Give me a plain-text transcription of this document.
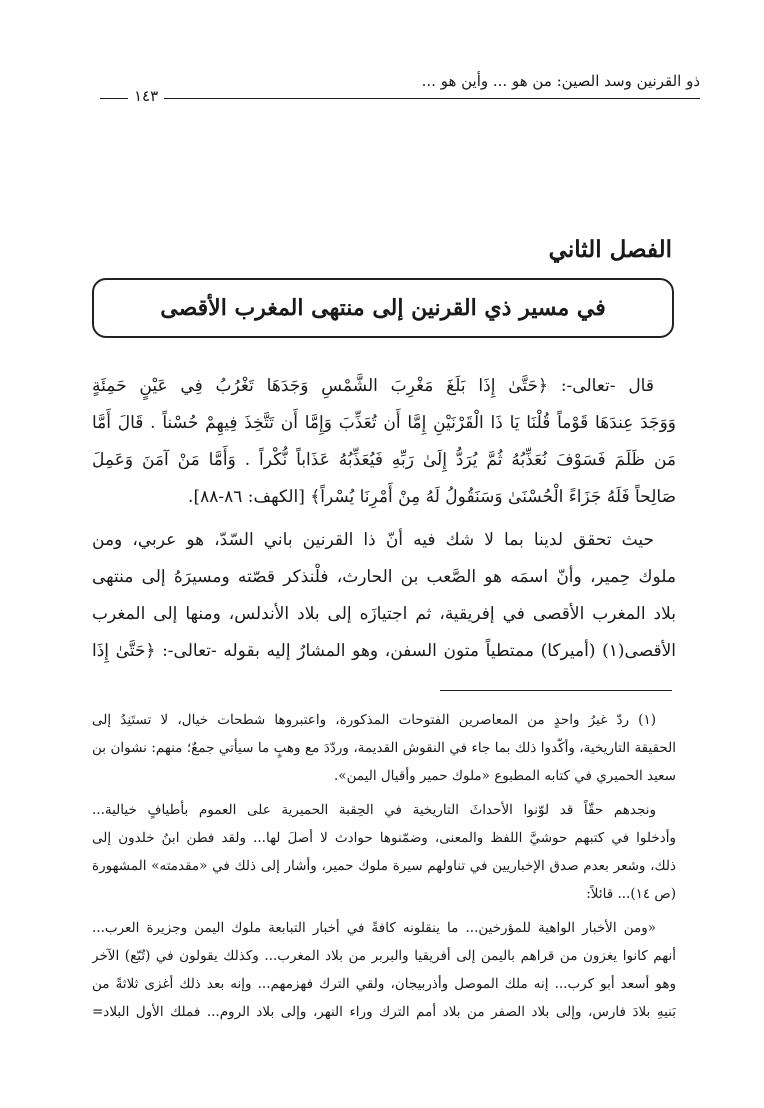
ذو القرنين وسد الصين: من هو ... وأين هو ...
١٤٣
الفصل الثاني
في مسير ذي القرنين إلى منتهى المغرب الأقصى

قال -تعالى-: ﴿حَتَّىٰ إِذَا بَلَغَ مَغْرِبَ الشَّمْسِ وَجَدَهَا تَغْرُبُ فِي عَيْنٍ حَمِئَةٍ
وَوَجَدَ عِندَهَا قَوْماً قُلْنَا يَا ذَا الْقَرْنَيْنِ إِمَّا أَن تُعَذِّبَ وَإِمَّا أَن تَتَّخِذَ فِيهِمْ حُسْناً . قَالَ أَمَّا
مَن ظَلَمَ فَسَوْفَ نُعَذِّبُهُ ثُمَّ يُرَدُّ إِلَىٰ رَبِّهِ فَيُعَذِّبُهُ عَذَاباً نُّكْراً . وَأَمَّا مَنْ آمَنَ وَعَمِلَ
صَالِحاً فَلَهُ جَزَاءً الْحُسْنَىٰ وَسَنَقُولُ لَهُ مِنْ أَمْرِنَا يُسْراً﴾ [الكهف: ٨٦-٨٨].

حيث تحقق لدينا بما لا شك فيه أنّ ذا القرنين باني السّدّ، هو عربي، ومن
ملوك حِمير، وأنّ اسمَه هو الصَّعب بن الحارث، فلْنذكر قصّته ومسيرَهُ إلى منتهى
بلاد المغرب الأقصى في إفريقية، ثم اجتيازَه إلى بلاد الأندلس، ومنها إلى المغرب
الأقصى(١) (أميركا) ممتطياً متون السفن، وهو المشارُ إليه بقوله -تعالى-: ﴿حَتَّىٰ إِذَا

(١) ردّ غيرُ واحدٍ من المعاصرين الفتوحات المذكورة، واعتبروها شطحات خيال، لا تستَنِدُ إلى
الحقيقة التاريخية، وأكّدوا ذلك بما جاء في النقوش القديمة، وردّدَ مع وهبٍ ما سيأتي جمعٌ؛ منهم: نشوان بن
سعيد الحميري في كتابه المطبوع «ملوك حمير وأقيال اليمن».

ونجدهم حقّاً قد لوّنوا الأحداثَ التاريخية في الحِقبة الحميرية على العموم بأطيافٍ خيالية...
وأدخلوا في كتبهم حوشيَّ اللفظ والمعنى، وضمّنوها حوادث لا أصلَ لها... ولقد فطن ابنُ خلدون إلى
ذلك، وشعر بعدم صدق الإخباريين في تناولهم سيرة ملوك حمير، وأشار إلى ذلك في «مقدمته» المشهورة
(ص ١٤)... قائلاً:

«ومن الأخبار الواهية للمؤرخين... ما ينقلونه كافةً في أخبار التبابعة ملوك اليمن وجزيرة العرب...
أنهم كانوا يغزون من قراهم باليمن إلى أفريقيا والبربر من بلاد المغرب... وكذلك يقولون في (تُبّع) الآخر
وهو أسعد أبو كرب... إنه ملك الموصل وأذربيجان، ولقي الترك فهزمهم... وإنه بعد ذلك أغزى ثلاثةً من
بَنيهِ بلادَ فارس، وإلى بلاد الصفر من بلاد أمم الترك وراء النهر، وإلى بلاد الروم... فملك الأول البلاد=
